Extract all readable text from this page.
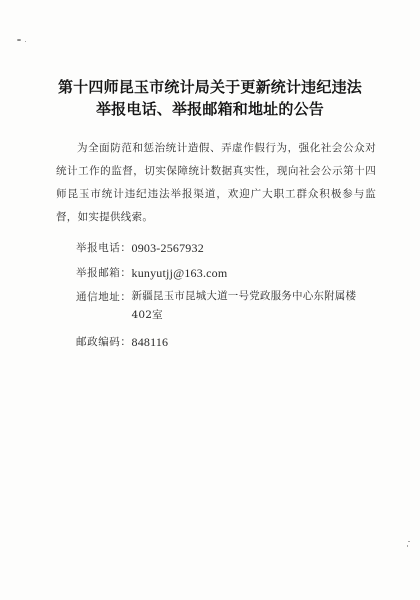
第十四师昆玉市统计局关于更新统计违纪违法
举报电话、举报邮箱和地址的公告
为全面防范和惩治统计造假、弄虚作假行为，强化社会公众对统计工作的监督，切实保障统计数据真实性，现向社会公示第十四师昆玉市统计违纪违法举报渠道，欢迎广大职工群众积极参与监督，如实提供线索。
举报电话： 0903-2567932
举报邮箱： kunyutjj@163.com
通信地址： 新疆昆玉市昆城大道一号党政服务中心东附属楼402室
邮政编码： 848116
